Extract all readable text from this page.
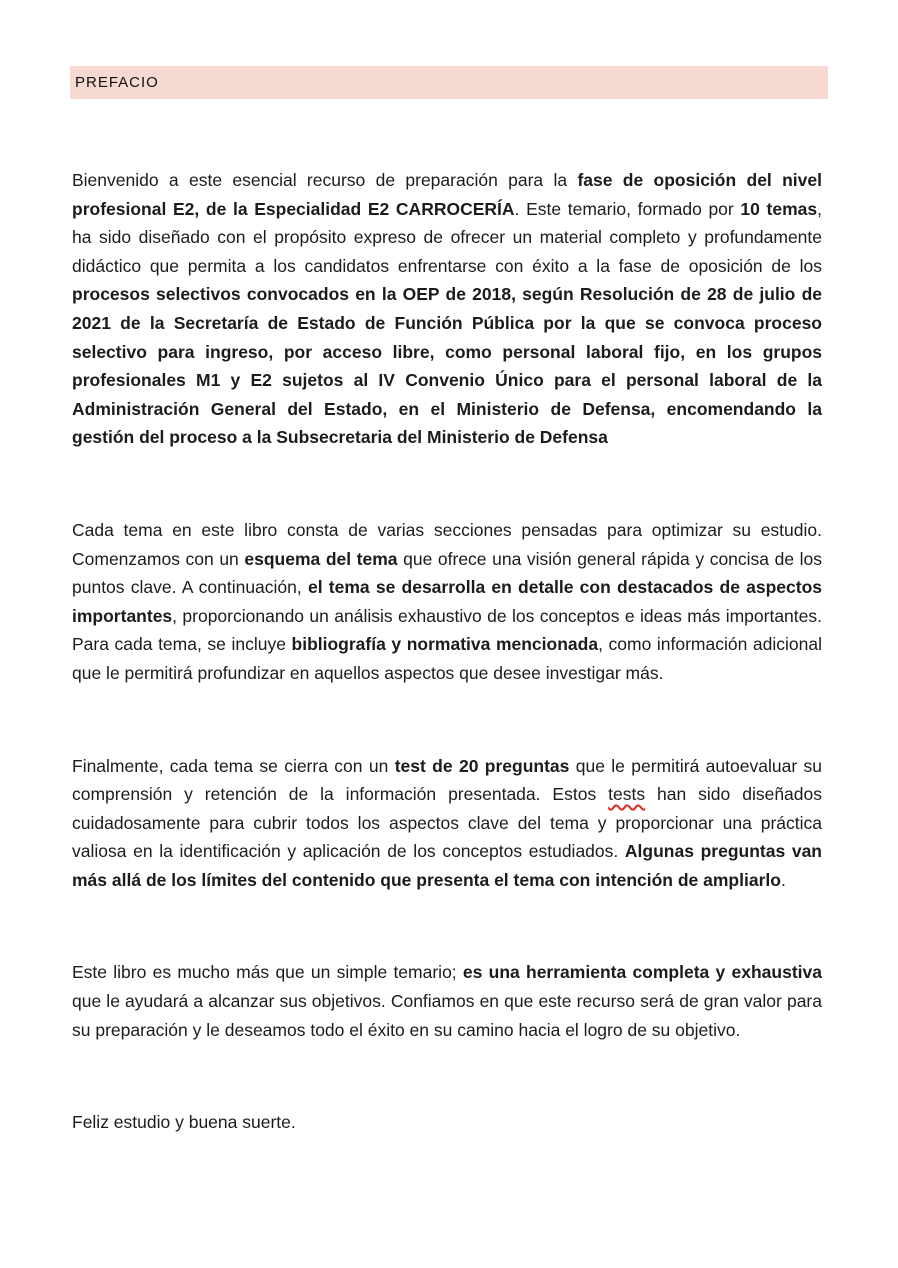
PREFACIO

Bienvenido a este esencial recurso de preparación para la fase de oposición del nivel profesional E2, de la Especialidad E2 CARROCERÍA. Este temario, formado por 10 temas, ha sido diseñado con el propósito expreso de ofrecer un material completo y profundamente didáctico que permita a los candidatos enfrentarse con éxito a la fase de oposición de los procesos selectivos convocados en la OEP de 2018, según Resolución de 28 de julio de 2021 de la Secretaría de Estado de Función Pública por la que se convoca proceso selectivo para ingreso, por acceso libre, como personal laboral fijo, en los grupos profesionales M1 y E2 sujetos al IV Convenio Único para el personal laboral de la Administración General del Estado, en el Ministerio de Defensa, encomendando la gestión del proceso a la Subsecretaria del Ministerio de Defensa

Cada tema en este libro consta de varias secciones pensadas para optimizar su estudio. Comenzamos con un esquema del tema que ofrece una visión general rápida y concisa de los puntos clave. A continuación, el tema se desarrolla en detalle con destacados de aspectos importantes, proporcionando un análisis exhaustivo de los conceptos e ideas más importantes. Para cada tema, se incluye bibliografía y normativa mencionada, como información adicional que le permitirá profundizar en aquellos aspectos que desee investigar más.

Finalmente, cada tema se cierra con un test de 20 preguntas que le permitirá autoevaluar su comprensión y retención de la información presentada. Estos tests han sido diseñados cuidadosamente para cubrir todos los aspectos clave del tema y proporcionar una práctica valiosa en la identificación y aplicación de los conceptos estudiados. Algunas preguntas van más allá de los límites del contenido que presenta el tema con intención de ampliarlo.

Este libro es mucho más que un simple temario; es una herramienta completa y exhaustiva que le ayudará a alcanzar sus objetivos. Confiamos en que este recurso será de gran valor para su preparación y le deseamos todo el éxito en su camino hacia el logro de su objetivo.

Feliz estudio y buena suerte.
